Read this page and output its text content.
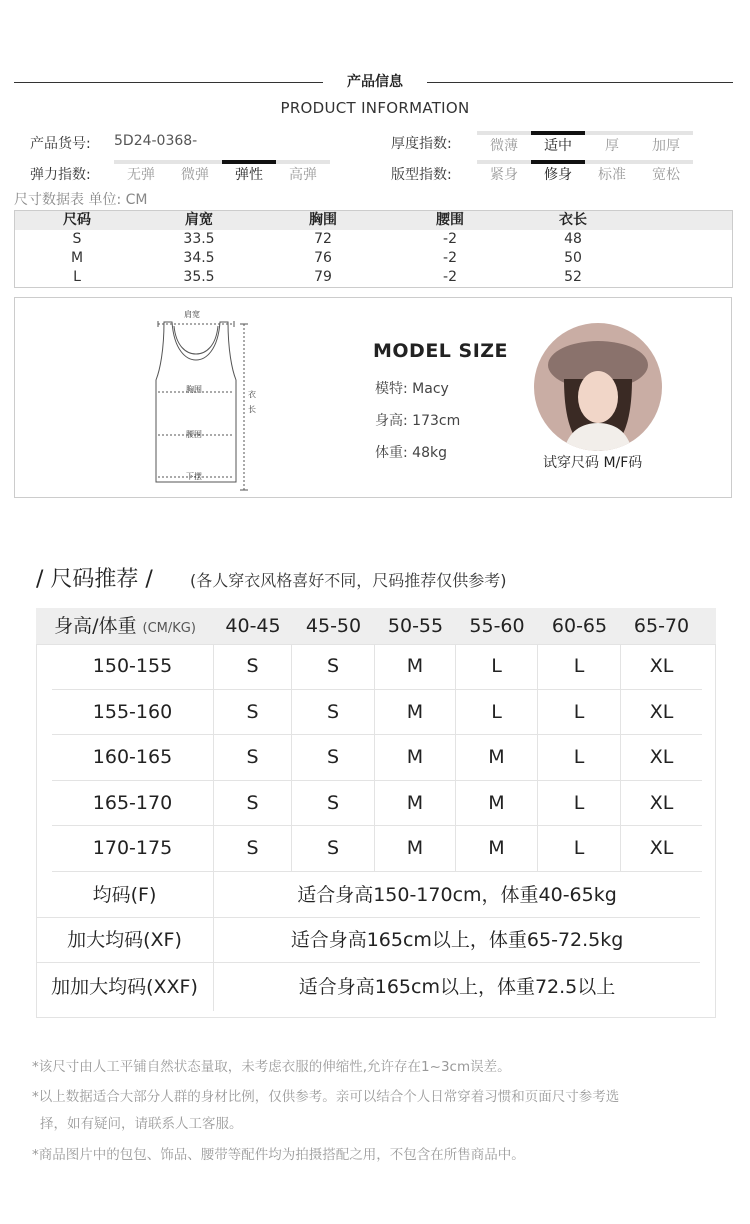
产品信息
PRODUCT INFORMATION
产品货号: 5D24-0368-	厚度指数:	微薄	适中	厚	加厚
弹力指数:	无弹	微弹	弹性	高弹	版型指数:	紧身	修身	标准	宽松
尺寸数据表 单位: CM
尺码	肩宽	胸围	腰围	衣长	
S	33.5	72	-2	48	
M	34.5	76	-2	50	
L	35.5	79	-2	52	
肩宽
胸围
腰围
下摆
衣
长
MODEL SIZE
模特: Macy
身高: 173cm
体重: 48kg
试穿尺码 M/F码
/ 尺码推荐 / (各人穿衣风格喜好不同，尺码推荐仅供参考)
身高/体重 (CM/KG)	40-45	45-50	50-55	55-60	60-65	65-70
150-155	S	S	M	L	L	XL
155-160	S	S	M	L	L	XL
160-165	S	S	M	M	L	XL
165-170	S	S	M	M	L	XL
170-175	S	S	M	M	L	XL
均码(F)	适合身高150-170cm，体重40-65kg
加大均码(XF)	适合身高165cm以上，体重65-72.5kg
加加大均码(XXF)	适合身高165cm以上，体重72.5以上
*该尺寸由人工平铺自然状态量取，未考虑衣服的伸缩性,允许存在1~3cm误差。
*以上数据适合大部分人群的身材比例，仅供参考。亲可以结合个人日常穿着习惯和页面尺寸参考选
择，如有疑问，请联系人工客服。
*商品图片中的包包、饰品、腰带等配件均为拍摄搭配之用，不包含在所售商品中。
